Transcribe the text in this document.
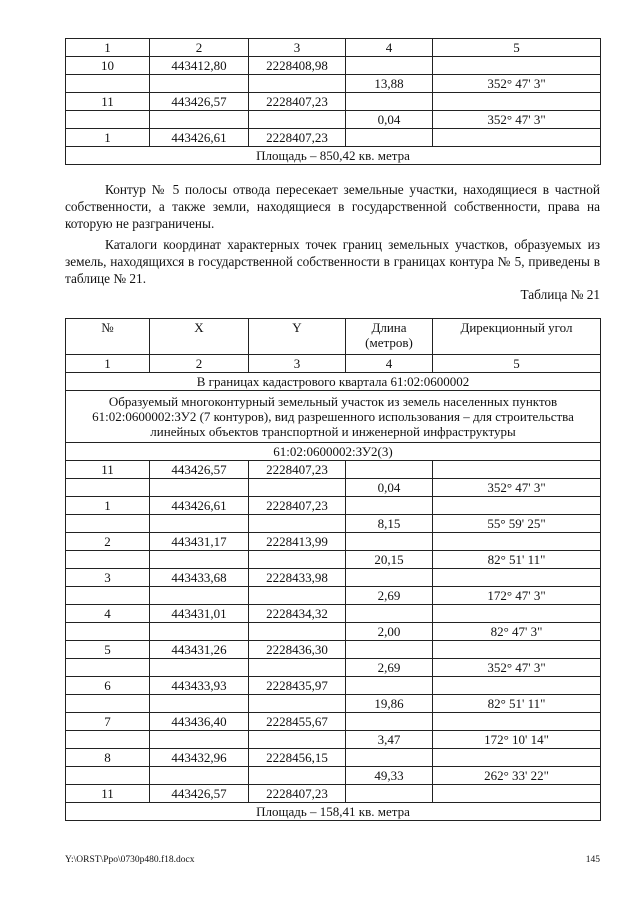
1	2	3	4	5
10	443412,80	2228408,98		
			13,88	352° 47' 3"
11	443426,57	2228407,23		
			0,04	352° 47' 3"
1	443426,61	2228407,23		
Площадь – 850,42 кв. метра				

Контур № 5 полосы отвода пересекает земельные участки, находящиеся в частной собственности, а также земли, находящиеся в государственной собственности, права на которую не разграничены.

Каталоги координат характерных точек границ земельных участков, образуемых из земель, находящихся в государственной собственности в границах контура № 5, приведены в таблице № 21.

Таблица № 21

№	X	Y	Длина (метров)	Дирекционный угол
1	2	3	4	5
В границах кадастрового квартала 61:02:0600002				
Образуемый многоконтурный земельный участок из земель населенных пунктов 61:02:0600002:ЗУ2 (7 контуров), вид разрешенного использования – для строительства линейных объектов транспортной и инженерной инфраструктуры				
61:02:0600002:ЗУ2(3)				
11	443426,57	2228407,23		
			0,04	352° 47' 3"
1	443426,61	2228407,23		
			8,15	55° 59' 25"
2	443431,17	2228413,99		
			20,15	82° 51' 11"
3	443433,68	2228433,98		
			2,69	172° 47' 3"
4	443431,01	2228434,32		
			2,00	82° 47' 3"
5	443431,26	2228436,30		
			2,69	352° 47' 3"
6	443433,93	2228435,97		
			19,86	82° 51' 11"
7	443436,40	2228455,67		
			3,47	172° 10' 14"
8	443432,96	2228456,15		
			49,33	262° 33' 22"
11	443426,57	2228407,23		
Площадь – 158,41 кв. метра				

Y:\ORST\Ppo\0730p480.f18.docx	145
